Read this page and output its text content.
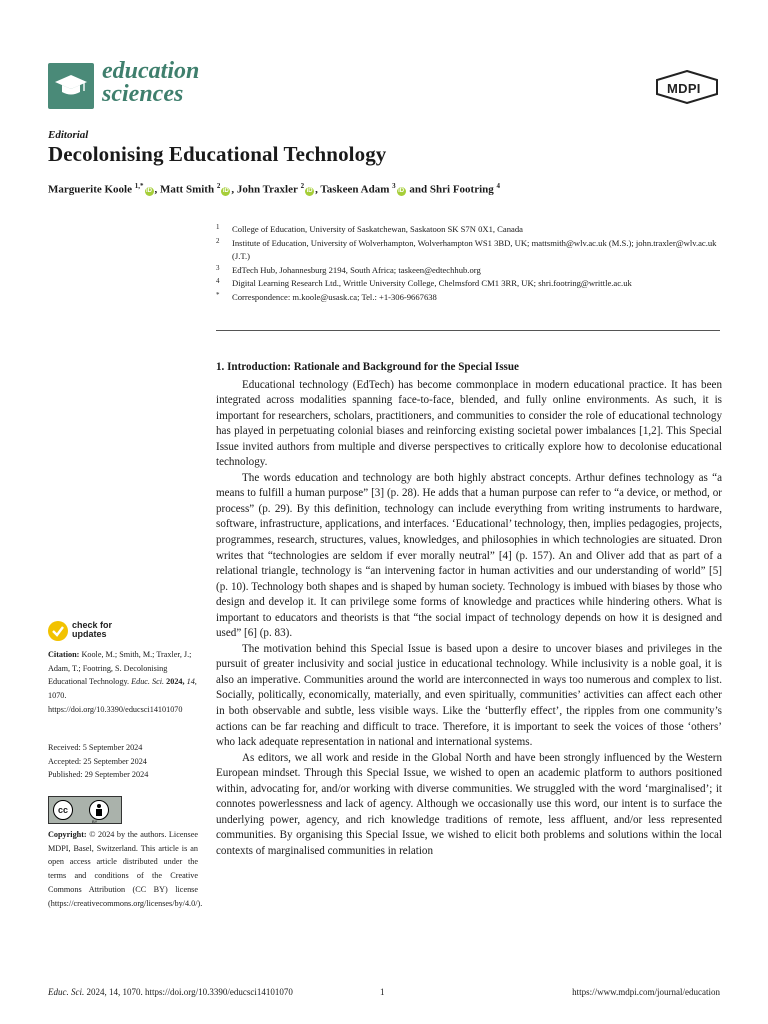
education
sciences	MDPI
Editorial
Decolonising Educational Technology
Marguerite Koole $^{1,*}$iD , Matt Smith $^2$iD , John Traxler $^2$iD , Taskeen Adam $^3$iD and Shri Footring $^4$
1 College of Education, University of Saskatchewan, Saskatoon SK S7N 0X1, Canada
2 Institute of Education, University of Wolverhampton, Wolverhampton WS1 3BD, UK; mattsmith@wlv.ac.uk (M.S.); john.traxler@wlv.ac.uk (J.T.)
3 EdTech Hub, Johannesburg 2194, South Africa; taskeen@edtechhub.org
4 Digital Learning Research Ltd., Writtle University College, Chelmsford CM1 3RR, UK; shri.footring@writtle.ac.uk
* Correspondence: m.koole@usask.ca; Tel.: +1-306-9667638
1. Introduction: Rationale and Background for the Special Issue

Educational technology (EdTech) has become commonplace in modern educational practice. It has been integrated across modalities spanning face-to-face, blended, and fully online environments. As such, it is important for researchers, scholars, practitioners, and communities to consider the role of educational technology has played in perpetuating colonial biases and reinforcing existing societal power imbalances [1,2]. This Special Issue invited authors from multiple and diverse perspectives to critically explore how to decolonise educational technology.

The words education and technology are both highly abstract concepts. Arthur defines technology as “a means to fulfill a human purpose” [3] (p. 28). He adds that a human purpose can refer to “a device, or method, or process” (p. 29). By this definition, technology can include everything from writing instruments to hardware, software, infrastructure, applications, and interfaces. ‘Educational’ technology, then, implies pedagogies, projects, programmes, research, structures, values, knowledges, and philosophies in which technologies are situated. Dron writes that “technologies are seldom if ever morally neutral” [4] (p. 157). An and Oliver add that as part of a relational triangle, technology is “an intervening factor in human activities and our understanding of world” [5] (p. 10). Technology both shapes and is shaped by human society. Technology is imbued with biases by those who design and develop it. It can privilege some forms of knowledge and practices while hindering others. What is important to educators and theorists is that “the social impact of technology depends on how it is designed and used” [6] (p. 83).

The motivation behind this Special Issue is based upon a desire to uncover biases and privileges in the pursuit of greater inclusivity and social justice in educational technology. While inclusivity is a noble goal, it is also an imperative. Communities around the world are interconnected in ways too numerous and complex to list. Socially, politically, economically, materially, and even spiritually, communities’ activities can affect each other in both observable and subtle, less visible ways. Like the ‘butterfly effect’, the ripples from one community’s actions can be far reaching and difficult to trace. Therefore, it is important to seek the voices of those ‘others’ who lack adequate representation in national and international systems.

As editors, we all work and reside in the Global North and have been strongly influenced by the Western European mindset. Through this Special Issue, we wished to open an academic platform to authors positioned within, advocating for, and/or working with diverse communities. We struggled with the word ‘marginalised’; it connotes powerlessness and lack of agency. Although we occasionally use this word, our intent is to surface the underlying power, agency, and rich knowledge traditions of remote, less affluent, and/or less represented communities. By organising this Special Issue, we wished to elicit both problems and solutions within the local contexts of marginalised communities in relation

check for
updates
Citation: Koole, M.; Smith, M.; Traxler, J.; Adam, T.; Footring, S. Decolonising Educational Technology. Educ. Sci. 2024, 14, 1070. https://doi.org/10.3390/educsci14101070
Received: 5 September 2024
Accepted: 25 September 2024
Published: 29 September 2024
cc
BY
Copyright: © 2024 by the authors. Licensee MDPI, Basel, Switzerland. This article is an open access article distributed under the terms and conditions of the Creative Commons Attribution (CC BY) license (https://creativecommons.org/licenses/by/4.0/).
Educ. Sci. 2024, 14, 1070. https://doi.org/10.3390/educsci14101070	1	https://www.mdpi.com/journal/education
